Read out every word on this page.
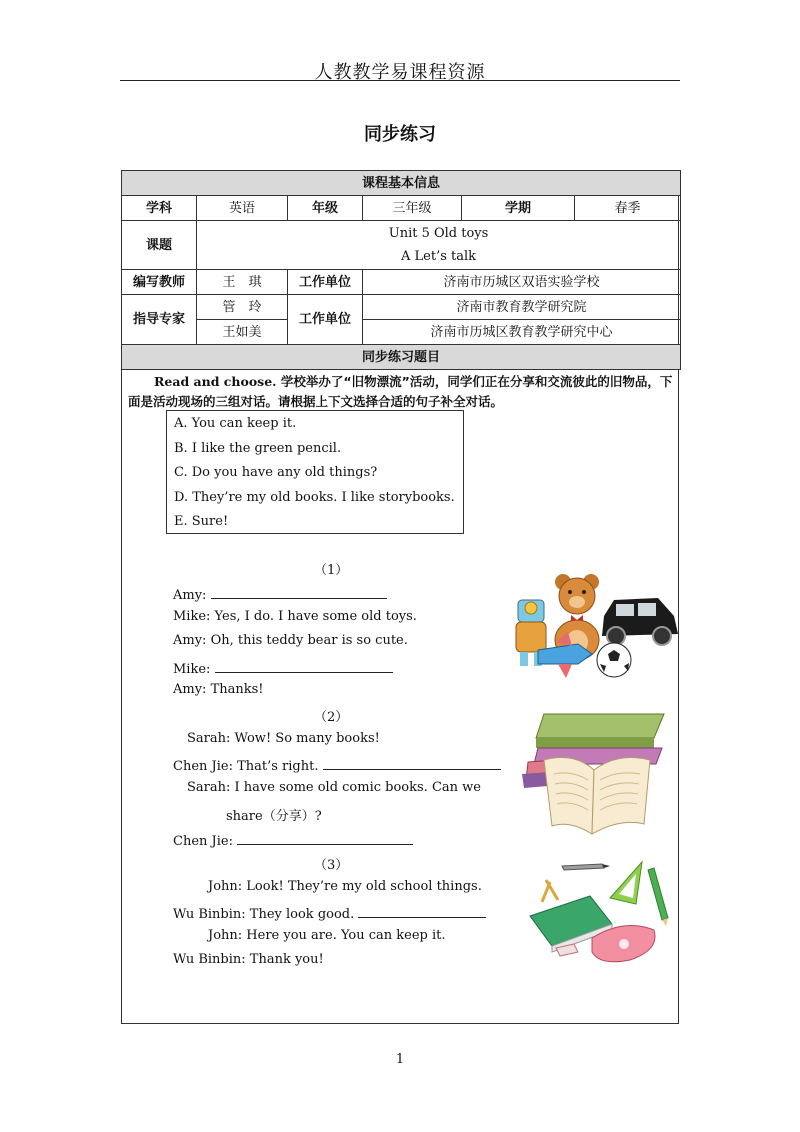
人教教学易课程资源
同步练习
课程基本信息					
学科	英语	年级	三年级	学期	春季
课题	Unit 5 Old toys
A Let’s talk				

编写教师	王　琪	工作单位	济南市历城区双语实验学校		
指导专家	管　玲	工作单位	济南市教育教学研究院		
	王如美		济南市历城区教育教学研究中心		
同步练习题目					
Read and choose. 学校举办了“旧物漂流”活动，同学们正在分享和交流彼此的旧物品，下面是活动现场的三组对话。请根据上下文选择合适的句子补全对话。
A. You can keep it.
B. I like the green pencil.
C. Do you have any old things?
D. They’re my old books. I like storybooks.
E. Sure!
（1）
Amy:
Mike: Yes, I do. I have some old toys.
Amy: Oh, this teddy bear is so cute.
Mike:
Amy: Thanks!
（2）
Sarah: Wow! So many books!
Chen Jie: That’s right.
Sarah: I have some old comic books. Can we
share（分享）?
Chen Jie:
（3）
John: Look! They’re my old school things.
Wu Binbin: They look good.
John: Here you are. You can keep it.
Wu Binbin: Thank you!
1
